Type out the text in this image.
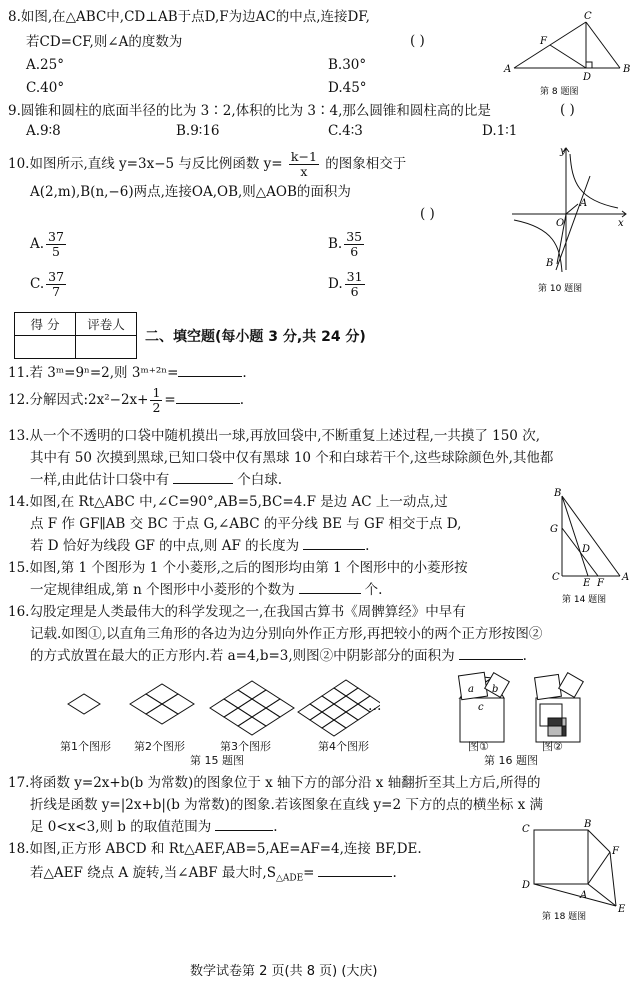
8.如图,在△ABC中,CD⊥AB于点D,F为边AC的中点,连接DF,
若CD=CF,则∠A的度数为	( )
A.25°	B.30°
C.40°	D.45°
A	B
C
D
F
第 8 题图
9.圆锥和圆柱的底面半径的比为 3∶2,体积的比为 3∶4,那么圆锥和圆柱高的比是	( )
A.9∶8	B.9∶16	C.4∶3	D.1∶1
10.如图所示,直线 y=3x−5 与反比例函数 $y= \frac{k-1}{x}$ 的图象相交于
A(2,m),B(n,−6)两点,连接OA,OB,则△AOB的面积为
( )
A. $\frac{37}{5}$	B. $\frac{35}{6}$
C. $\frac{37}{7}$	D. $\frac{31}{6}$
y
x
O
A
B
第 10 题图
得 分	评卷人

二、填空题(每小题 3 分,共 24 分)
11.若 3ᵐ=9ⁿ=2,则 3ᵐ⁺²ⁿ=	.
12.分解因式:2x²−2x+ $\frac{1}{2}$ =	.
13.从一个不透明的口袋中随机摸出一球,再放回袋中,不断重复上述过程,一共摸了 150 次,
其中有 50 次摸到黑球,已知口袋中仅有黑球 10 个和白球若干个,这些球除颜色外,其他都
一样,由此估计口袋中有	个白球.
14.如图,在 Rt△ABC 中,∠C=90°,AB=5,BC=4.F 是边 AC 上一动点,过
点 F 作 GF∥AB 交 BC 于点 G,∠ABC 的平分线 BE 与 GF 相交于点 D,
若 D 恰好为线段 GF 的中点,则 AF 的长度为	.
B
G
D
C
E F
A
第 14 题图
15.如图,第 1 个图形为 1 个小菱形,之后的图形均由第 1 个图形中的小菱形按
一定规律组成,第 n 个图形中小菱形的个数为	个.
16.勾股定理是人类最伟大的科学发现之一,在我国古算书《周髀算经》中早有
记载.如图①,以直角三角形的各边为边分别向外作正方形,再把较小的两个正方形按图②
的方式放置在最大的正方形内.若 a=4,b=3,则图②中阴影部分的面积为	.
第1个图形 第2个图形	第3个图形	第4个图形
…
第 15 题图
a b
c
图①	图②
第 16 题图
17.将函数 y=2x+b(b 为常数)的图象位于 x 轴下方的部分沿 x 轴翻折至其上方后,所得的
折线是函数 y=|2x+b|(b 为常数)的图象.若该图象在直线 y=2 下方的点的横坐标 x 满
足 0<x<3,则 b 的取值范围为	.
18.如图,正方形 ABCD 和 Rt△AEF,AB=5,AE=AF=4,连接 BF,DE.
若△AEF 绕点 A 旋转,当∠ABF 最大时$,S_{\triangle ADE}=$	.
C	B
F
D
A
E
第 18 题图
数学试卷第 2 页(共 8 页) (大庆)
